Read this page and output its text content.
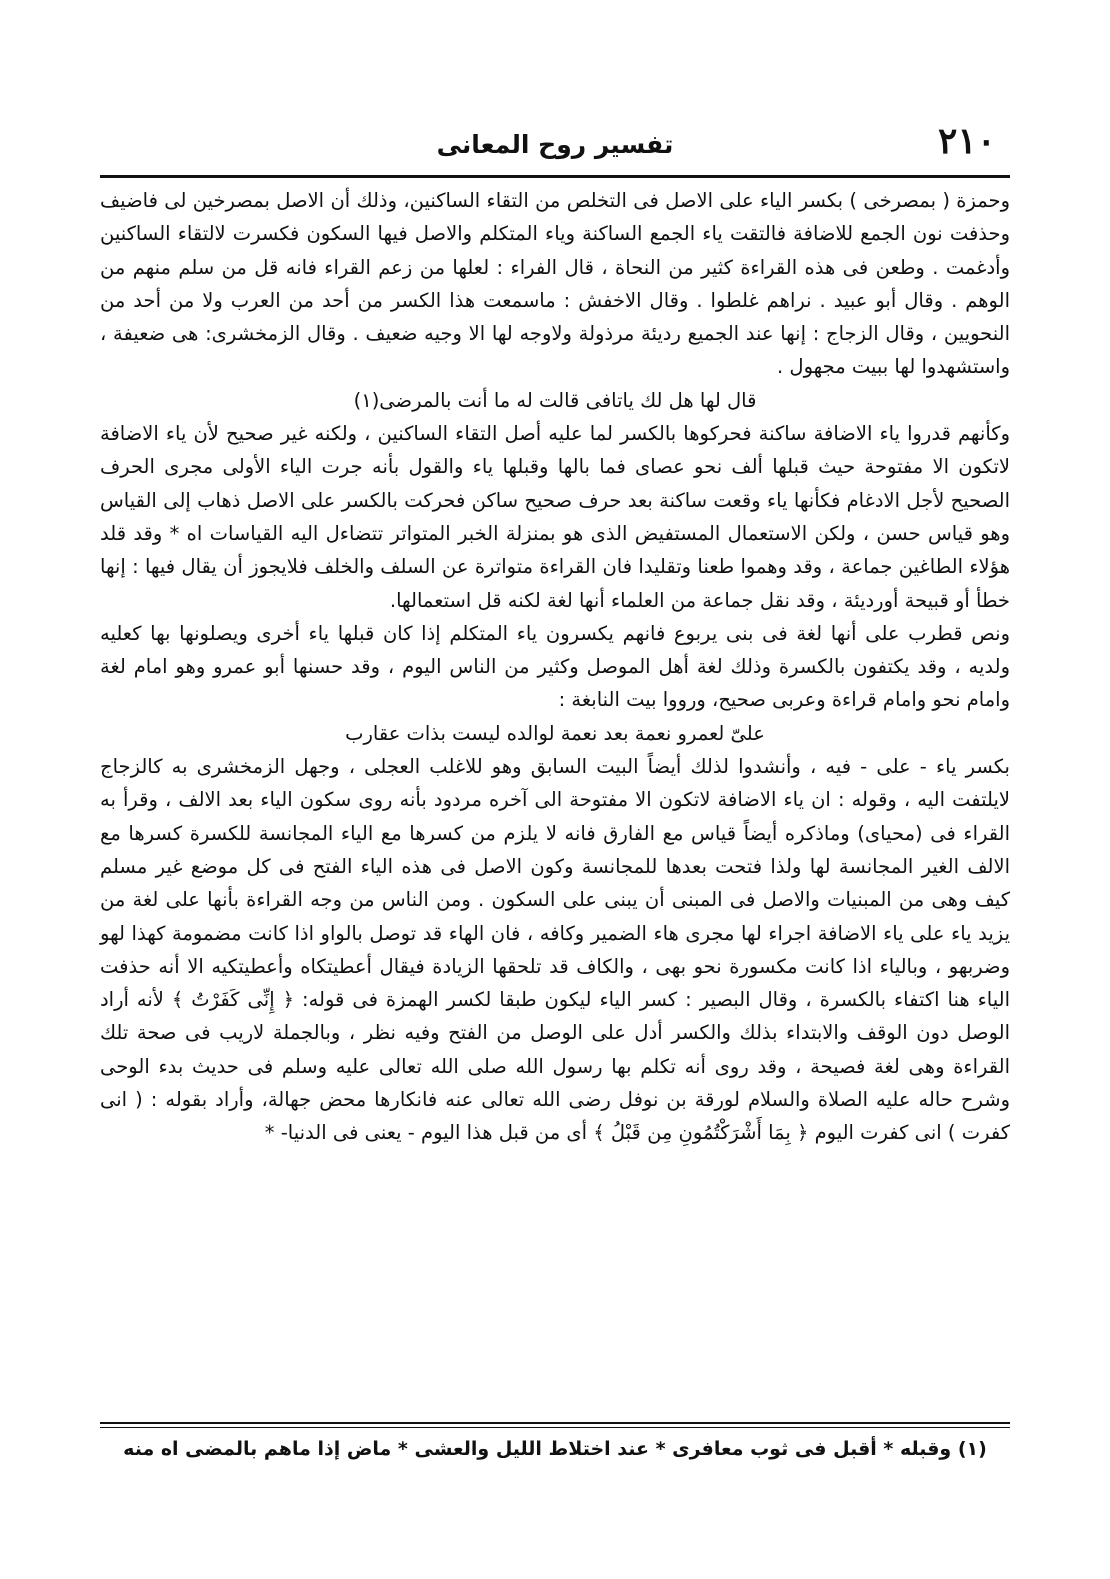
٢١٠
تفسير روح المعانى

وحمزة ( بمصرخى ) بكسر الياء على الاصل فى التخلص من التقاء الساكنين، وذلك أن الاصل بمصرخين لى فاضيف وحذفت نون الجمع للاضافة فالتقت ياء الجمع الساكنة وياء المتكلم والاصل فيها السكون فكسرت لالتقاء الساكنين وأدغمت . وطعن فى هذه القراءة كثير من النحاة ، قال الفراء : لعلها من زعم القراء فانه قل من سلم منهم من الوهم . وقال أبو عبيد . نراهم غلطوا . وقال الاخفش : ماسمعت هذا الكسر من أحد من العرب ولا من أحد من النحويين ، وقال الزجاج : إنها عند الجميع رديئة مرذولة ولاوجه لها الا وجيه ضعيف . وقال الزمخشرى: هى ضعيفة ، واستشهدوا لها ببيت مجهول .

قال لها هل لك ياتافى قالت له ما أنت بالمرضى(١)

وكأنهم قدروا ياء الاضافة ساكنة فحركوها بالكسر لما عليه أصل التقاء الساكنين ، ولكنه غير صحيح لأن ياء الاضافة لاتكون الا مفتوحة حيث قبلها ألف نحو عصاى فما بالها وقبلها ياء والقول بأنه جرت الياء الأولى مجرى الحرف الصحيح لأجل الادغام فكأنها ياء وقعت ساكنة بعد حرف صحيح ساكن فحركت بالكسر على الاصل ذهاب إلى القياس وهو قياس حسن ، ولكن الاستعمال المستفيض الذى هو بمنزلة الخبر المتواتر تتضاءل اليه القياسات اه * وقد قلد هؤلاء الطاغين جماعة ، وقد وهموا طعنا وتقليدا فان القراءة متواترة عن السلف والخلف فلايجوز أن يقال فيها : إنها خطأ أو قبيحة أورديئة ، وقد نقل جماعة من العلماء أنها لغة لكنه قل استعمالها.

ونص قطرب على أنها لغة فى بنى يربوع فانهم يكسرون ياء المتكلم إذا كان قبلها ياء أخرى ويصلونها بها كعليه ولديه ، وقد يكتفون بالكسرة وذلك لغة أهل الموصل وكثير من الناس اليوم ، وقد حسنها أبو عمرو وهو امام لغة وامام نحو وامام قراءة وعربى صحيح، ورووا بيت النابغة :

علىّ لعمرو نعمة بعد نعمة لوالده ليست بذات عقارب

بكسر ياء - على - فيه ، وأنشدوا لذلك أيضاً البيت السابق وهو للاغلب العجلى ، وجهل الزمخشرى به كالزجاج لايلتفت اليه ، وقوله : ان ياء الاضافة لاتكون الا مفتوحة الى آخره مردود بأنه روى سكون الياء بعد الالف ، وقرأ به القراء فى (محياى) وماذكره أيضاً قياس مع الفارق فانه لا يلزم من كسرها مع الياء المجانسة للكسرة كسرها مع الالف الغير المجانسة لها ولذا فتحت بعدها للمجانسة وكون الاصل فى هذه الياء الفتح فى كل موضع غير مسلم كيف وهى من المبنيات والاصل فى المبنى أن يبنى على السكون . ومن الناس من وجه القراءة بأنها على لغة من يزيد ياء على ياء الاضافة اجراء لها مجرى هاء الضمير وكافه ، فان الهاء قد توصل بالواو اذا كانت مضمومة كهذا لهو وضربهو ، وبالياء اذا كانت مكسورة نحو بهى ، والكاف قد تلحقها الزيادة فيقال أعطيتكاه وأعطيتكيه الا أنه حذفت الياء هنا اكتفاء بالكسرة ، وقال البصير : كسر الياء ليكون طبقا لكسر الهمزة فى قوله: ﴿ إِنِّى كَفَرْتُ ﴾ لأنه أراد الوصل دون الوقف والابتداء بذلك والكسر أدل على الوصل من الفتح وفيه نظر ، وبالجملة لاريب فى صحة تلك القراءة وهى لغة فصيحة ، وقد روى أنه تكلم بها رسول الله صلى الله تعالى عليه وسلم فى حديث بدء الوحى وشرح حاله عليه الصلاة والسلام لورقة بن نوفل رضى الله تعالى عنه فانكارها محض جهالة، وأراد بقوله : ( انى كفرت ) انى كفرت اليوم ﴿ بِمَا أَشْرَكْتُمُونِ مِن قَبْلُ ﴾ أى من قبل هذا اليوم - يعنى فى الدنيا- *

(١) وقبله * أقبل فى ثوب معافرى * عند اختلاط الليل والعشى * ماض إذا ماهم بالمضى اه منه
